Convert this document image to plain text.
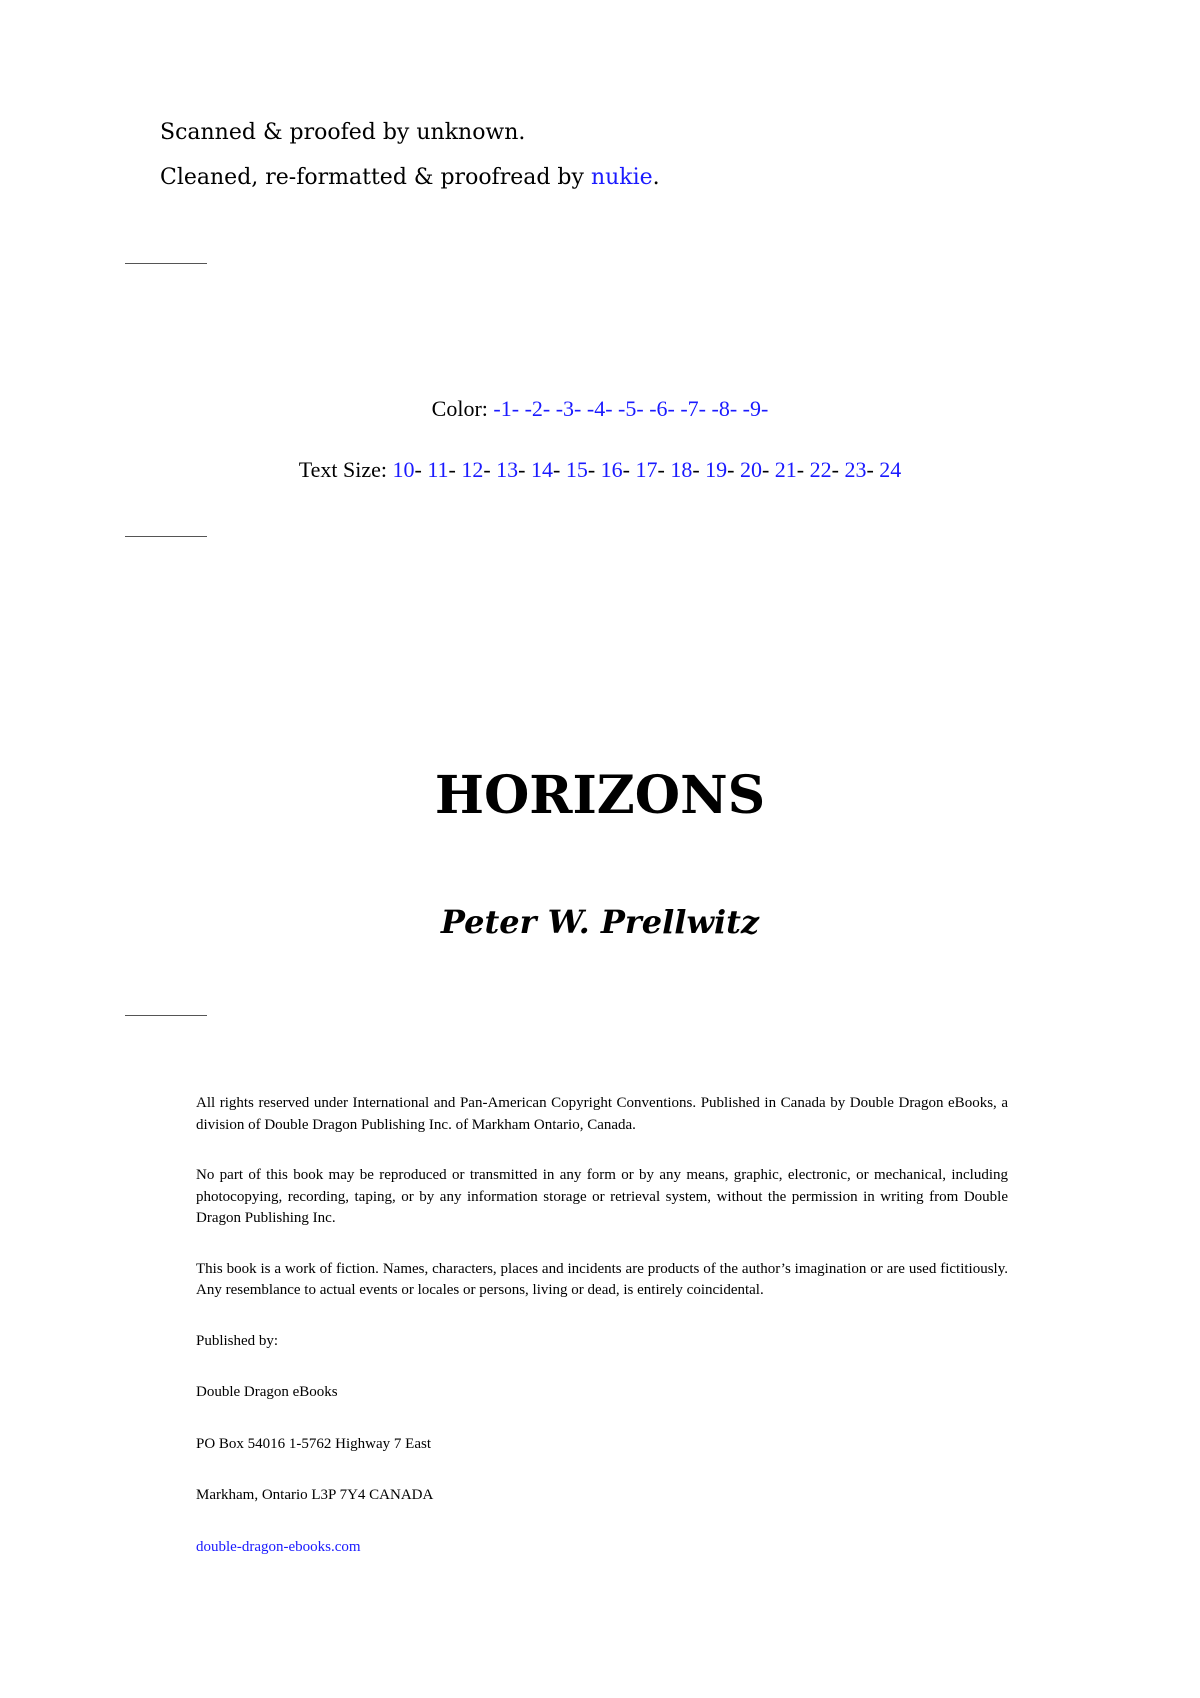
Scanned & proofed by unknown.

Cleaned, re-formatted & proofread by nukie.

Color: -1- -2- -3- -4- -5- -6- -7- -8- -9-
Text Size: 10- 11- 12- 13- 14- 15- 16- 17- 18- 19- 20- 21- 22- 23- 24
HORIZONS
Peter W. Prellwitz

All rights reserved under International and Pan-American Copyright Conventions. Published in Canada by Double Dragon eBooks, a division of Double Dragon Publishing Inc. of Markham Ontario, Canada.

No part of this book may be reproduced or transmitted in any form or by any means, graphic, electronic, or mechanical, including photocopying, recording, taping, or by any information storage or retrieval system, without the permission in writing from Double Dragon Publishing Inc.

This book is a work of fiction. Names, characters, places and incidents are products of the author’s imagination or are used fictitiously. Any resemblance to actual events or locales or persons, living or dead, is entirely coincidental.

Published by:

Double Dragon eBooks

PO Box 54016 1-5762 Highway 7 East

Markham, Ontario L3P 7Y4 CANADA

double-dragon-ebooks.com
